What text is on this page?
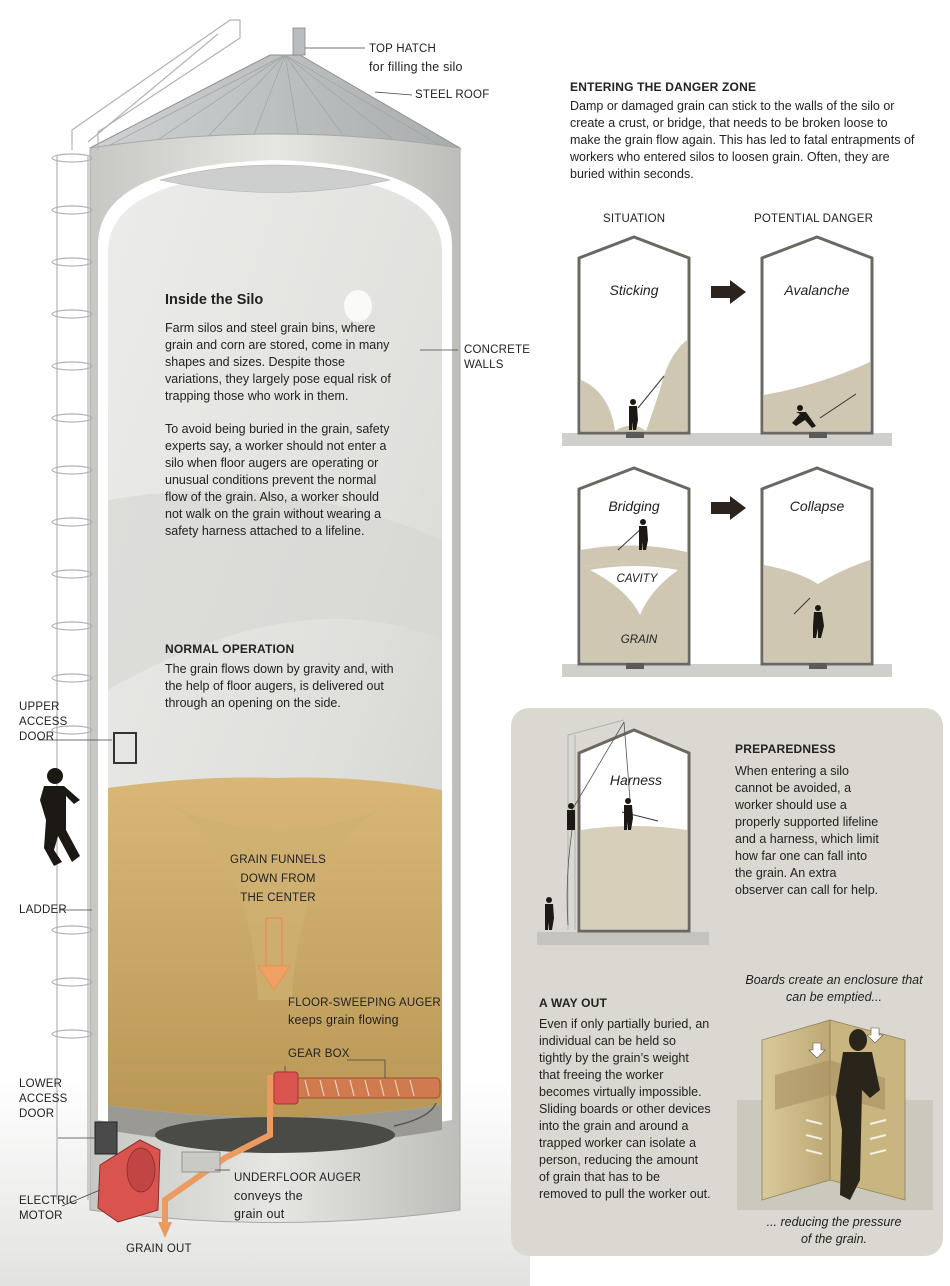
TOP HATCH
for filling the silo
STEEL ROOF
CONCRETE
WALLS
Inside the Silo
Farm silos and steel grain bins, where
grain and corn are stored, come in many
shapes and sizes. Despite those
variations, they largely pose equal risk of
trapping those who work in them.
To avoid being buried in the grain, safety
experts say, a worker should not enter a
silo when floor augers are operating or
unusual conditions prevent the normal
flow of the grain. Also, a worker should
not walk on the grain without wearing a
safety harness attached to a lifeline.
NORMAL OPERATION
The grain flows down by gravity and, with
the help of floor augers, is delivered out
through an opening on the side.
UPPER
ACCESS
DOOR
LADDER
LOWER
ACCESS
DOOR
ELECTRIC
MOTOR
GRAIN OUT
GRAIN FUNNELS
DOWN FROM
THE CENTER
FLOOR-SWEEPING AUGER
keeps grain flowing
GEAR BOX
UNDERFLOOR AUGER
conveys the
grain out
ENTERING THE DANGER ZONE
Damp or damaged grain can stick to the walls of the silo or
create a crust, or bridge, that needs to be broken loose to
make the grain flow again. This has led to fatal entrapments of
workers who entered silos to loosen grain. Often, they are
buried within seconds.
SITUATION	POTENTIAL DANGER
Sticking	Avalanche
Bridging	Collapse
CAVITY
GRAIN
Harness
PREPAREDNESS
When entering a silo
cannot be avoided, a
worker should use a
properly supported lifeline
and a harness, which limit
how far one can fall into
the grain. An extra
observer can call for help.
A WAY OUT
Even if only partially buried, an
individual can be held so
tightly by the grain’s weight
that freeing the worker
becomes virtually impossible.
Sliding boards or other devices
into the grain and around a
trapped worker can isolate a
person, reducing the amount
of grain that has to be
removed to pull the worker out.
Boards create an enclosure that
can be emptied...
... reducing the pressure
of the grain.
